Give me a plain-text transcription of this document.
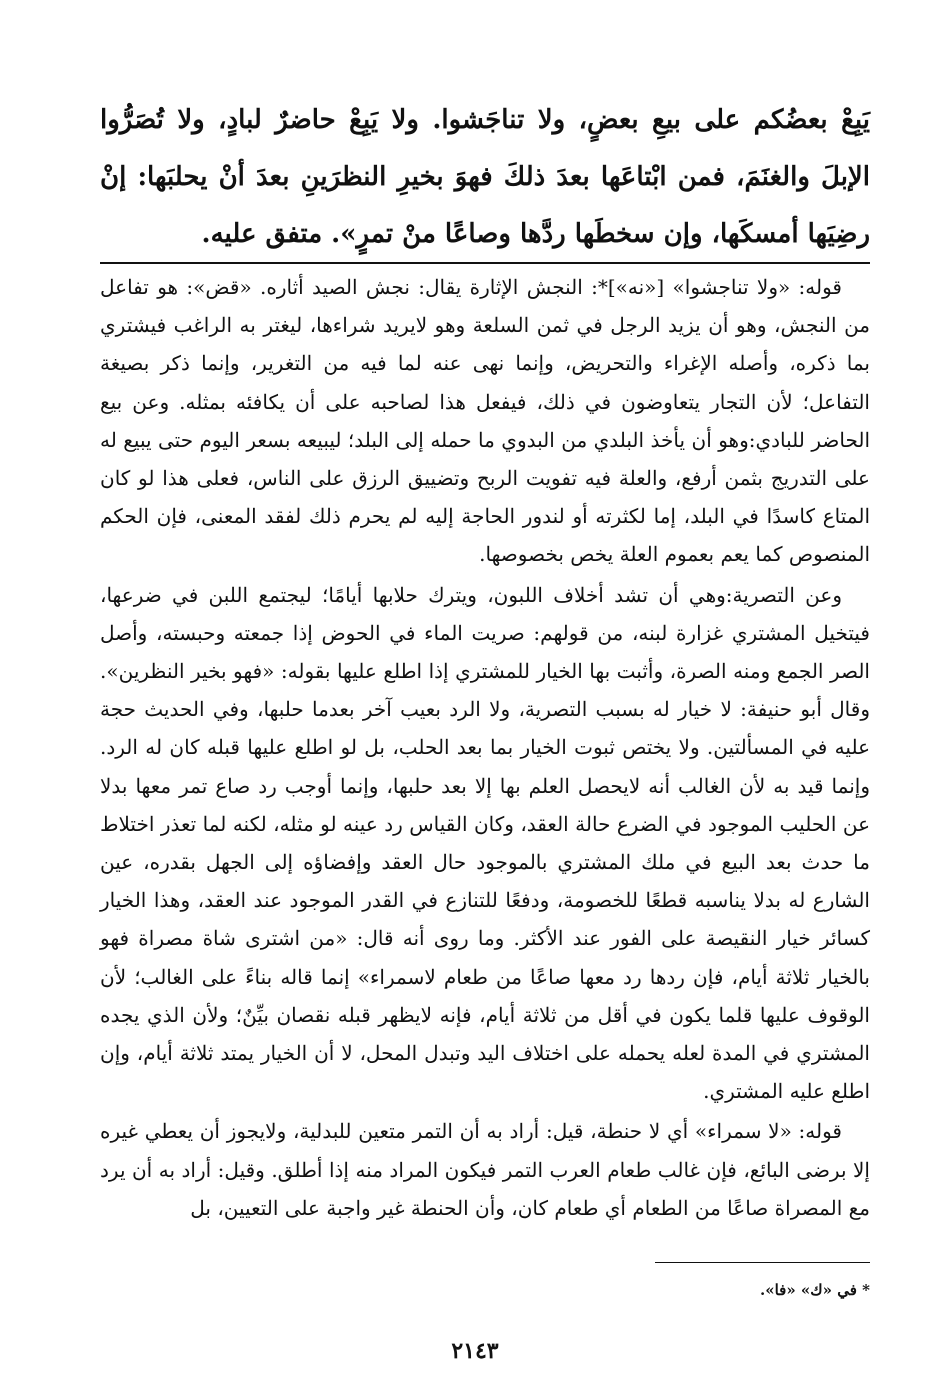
يَبِعْ بعضُكم على بيعِ بعضٍ، ولا تناجَشوا. ولا يَبِعْ حاضرٌ لبادٍ، ولا تُصَرُّوا الإبلَ والغنَمَ، فمن ابْتاعَها بعدَ ذلكَ فهوَ بخيرِ النظرَينِ بعدَ أنْ يحلبَها: إنْ رضِيَها أمسكَها، وإن سخطَها ردَّها وصاعًا منْ تمرٍ». متفق عليه.

قوله: «ولا تناجشوا» [«نه»]*: النجش الإثارة يقال: نجش الصيد أثاره. «قض»: هو تفاعل من النجش، وهو أن يزيد الرجل في ثمن السلعة وهو لايريد شراءها، ليغتر به الراغب فيشتري بما ذكره، وأصله الإغراء والتحريض، وإنما نهى عنه لما فيه من التغرير، وإنما ذكر بصيغة التفاعل؛ لأن التجار يتعاوضون في ذلك، فيفعل هذا لصاحبه على أن يكافئه بمثله. وعن بيع الحاضر للبادي:وهو أن يأخذ البلدي من البدوي ما حمله إلى البلد؛ ليبيعه بسعر اليوم حتى يبيع له على التدريج بثمن أرفع، والعلة فيه تفويت الربح وتضييق الرزق على الناس، فعلى هذا لو كان المتاع كاسدًا في البلد، إما لكثرته أو لندور الحاجة إليه لم يحرم ذلك لفقد المعنى، فإن الحكم المنصوص كما يعم بعموم العلة يخص بخصوصها.

وعن التصرية:وهي أن تشد أخلاف اللبون، ويترك حلابها أيامًا؛ ليجتمع اللبن في ضرعها، فيتخيل المشتري غزارة لبنه، من قولهم: صريت الماء في الحوض إذا جمعته وحبسته، وأصل الصر الجمع ومنه الصرة، وأثبت بها الخيار للمشتري إذا اطلع عليها بقوله: «فهو بخير النظرين». وقال أبو حنيفة: لا خيار له بسبب التصرية، ولا الرد بعيب آخر بعدما حلبها، وفي الحديث حجة عليه في المسألتين. ولا يختص ثبوت الخيار بما بعد الحلب، بل لو اطلع عليها قبله كان له الرد. وإنما قيد به لأن الغالب أنه لايحصل العلم بها إلا بعد حلبها، وإنما أوجب رد صاع تمر معها بدلا عن الحليب الموجود في الضرع حالة العقد، وكان القياس رد عينه لو مثله، لكنه لما تعذر اختلاط ما حدث بعد البيع في ملك المشتري بالموجود حال العقد وإفضاؤه إلى الجهل بقدره، عين الشارع له بدلا يناسبه قطعًا للخصومة، ودفعًا للتنازع في القدر الموجود عند العقد، وهذا الخيار كسائر خيار النقيصة على الفور عند الأكثر. وما روى أنه قال: «من اشترى شاة مصراة فهو بالخيار ثلاثة أيام، فإن ردها رد معها صاعًا من طعام لاسمراء» إنما قاله بناءً على الغالب؛ لأن الوقوف عليها قلما يكون في أقل من ثلاثة أيام، فإنه لايظهر قبله نقصان بيِّنٌ؛ ولأن الذي يجده المشتري في المدة لعله يحمله على اختلاف اليد وتبدل المحل، لا أن الخيار يمتد ثلاثة أيام، وإن اطلع عليه المشتري.

قوله: «لا سمراء» أي لا حنطة، قيل: أراد به أن التمر متعين للبدلية، ولايجوز أن يعطي غيره إلا برضى البائع، فإن غالب طعام العرب التمر فيكون المراد منه إذا أطلق. وقيل: أراد به أن يرد مع المصراة صاعًا من الطعام أي طعام كان، وأن الحنطة غير واجبة على التعيين، بل

* في «ك» «فا».

٢١٤٣
